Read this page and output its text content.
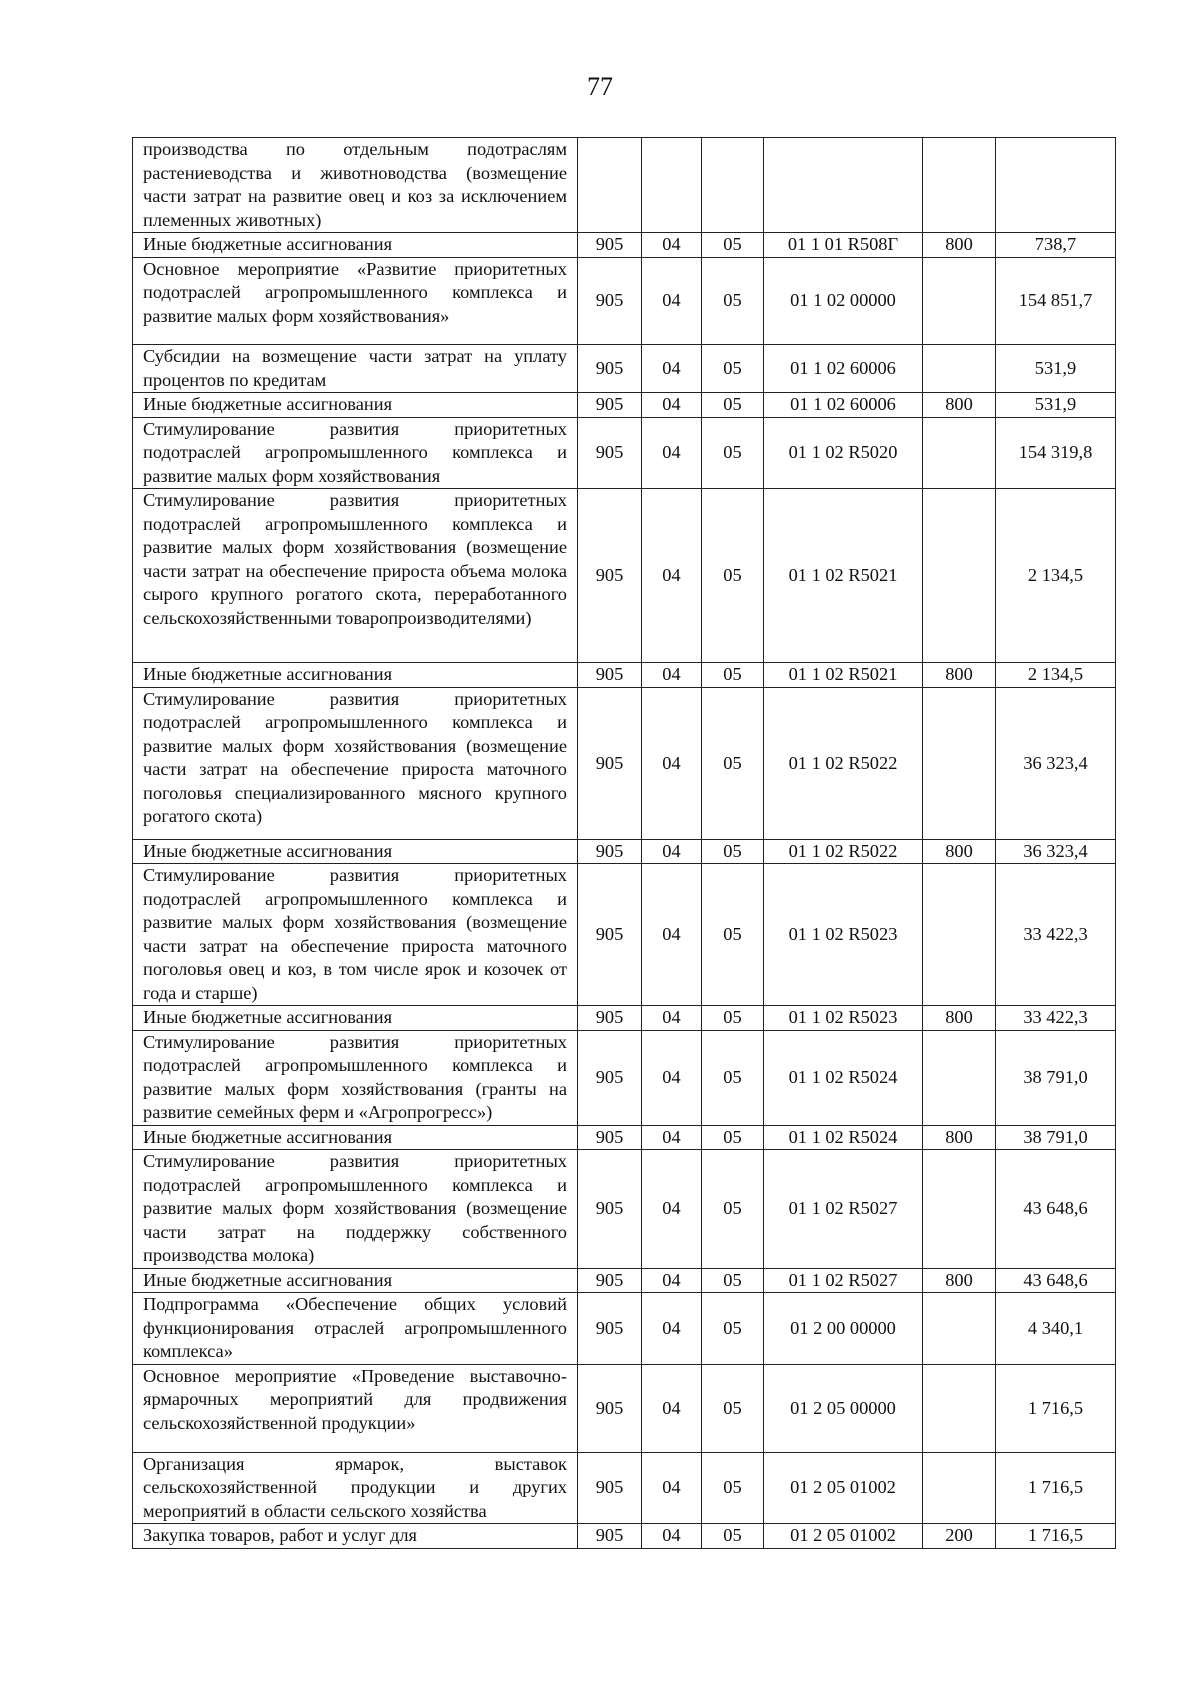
77
производства по отдельным подотраслям растениеводства и животноводства (возмещение части затрат на развитие овец и коз за исключением племенных животных)						
Иные бюджетные ассигнования	905	04	05	01 1 01 R508Г	800	738,7
Основное мероприятие «Развитие приоритетных подотраслей агропромышленного комплекса и развитие малых форм хозяйствования»	905	04	05	01 1 02 00000		154 851,7
Субсидии на возмещение части затрат на уплату процентов по кредитам	905	04	05	01 1 02 60006		531,9
Иные бюджетные ассигнования	905	04	05	01 1 02 60006	800	531,9
Стимулирование развития приоритетных подотраслей агропромышленного комплекса и развитие малых форм хозяйствования	905	04	05	01 1 02 R5020		154 319,8
Стимулирование развития приоритетных подотраслей агропромышленного комплекса и развитие малых форм хозяйствования (возмещение части затрат на обеспечение прироста объема молока сырого крупного рогатого скота, переработанного сельскохозяйственными товаропроизводителями)	905	04	05	01 1 02 R5021		2 134,5
Иные бюджетные ассигнования	905	04	05	01 1 02 R5021	800	2 134,5
Стимулирование развития приоритетных подотраслей агропромышленного комплекса и развитие малых форм хозяйствования (возмещение части затрат на обеспечение прироста маточного поголовья специализированного мясного крупного рогатого скота)	905	04	05	01 1 02 R5022		36 323,4
Иные бюджетные ассигнования	905	04	05	01 1 02 R5022	800	36 323,4
Стимулирование развития приоритетных подотраслей агропромышленного комплекса и развитие малых форм хозяйствования (возмещение части затрат на обеспечение прироста маточного поголовья овец и коз, в том числе ярок и козочек от года и старше)	905	04	05	01 1 02 R5023		33 422,3
Иные бюджетные ассигнования	905	04	05	01 1 02 R5023	800	33 422,3
Стимулирование развития приоритетных подотраслей агропромышленного комплекса и развитие малых форм хозяйствования (гранты на развитие семейных ферм и «Агропрогресс»)	905	04	05	01 1 02 R5024		38 791,0
Иные бюджетные ассигнования	905	04	05	01 1 02 R5024	800	38 791,0
Стимулирование развития приоритетных подотраслей агропромышленного комплекса и развитие малых форм хозяйствования (возмещение части затрат на поддержку собственного производства молока)	905	04	05	01 1 02 R5027		43 648,6
Иные бюджетные ассигнования	905	04	05	01 1 02 R5027	800	43 648,6
Подпрограмма «Обеспечение общих условий функционирования отраслей агропромышленного комплекса»	905	04	05	01 2 00 00000		4 340,1
Основное мероприятие «Проведение выставочно-ярмарочных мероприятий для продвижения сельскохозяйственной продукции»	905	04	05	01 2 05 00000		1 716,5
Организация ярмарок, выставок сельскохозяйственной продукции и других мероприятий в области сельского хозяйства	905	04	05	01 2 05 01002		1 716,5
Закупка товаров, работ и услуг для	905	04	05	01 2 05 01002	200	1 716,5
